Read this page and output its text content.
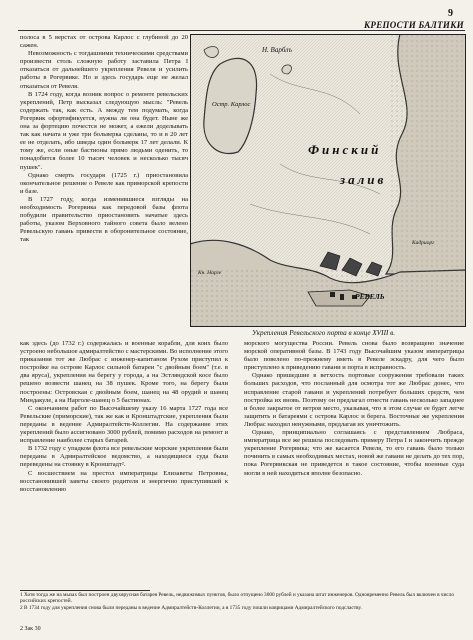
9
КРЕПОСТИ БАЛТИКИ

полоса в 5 верстах от острова Карлос с глубиной до 20 сажен.

Невозможность с тогдашними техническими средствами произвести столь сложную работу заставила Петра I отказаться от дальнейшего укрепления Ревеля и усилить работы в Рогервике. Но и здесь государь еще не желал отказаться от Ревеля.

В 1724 году, когда возник вопрос о ремонте ревельских укреплений, Петр высказал следующую мысль: "Ревель содержать так, как есть. А между тем подумать, когда Рогервик офортификуется, нужна ли она будет. Ныне же она за фортецию почестся не может, а ежели доделывать так как начата и уже три больверка сделаны, то и в 20 лет ее не отделать, ибо шведы один больверк 17 лет делали. К тому же, если оные бастионы прямо людьми оденить, то понадобится более 10 тысяч человек и несколько тысяч пушек".

Однако смерть государя (1725 г.) приостановила окончательное решение о Ревеле как приморской крепости и базе.

В 1727 году, когда изменившиеся взгляды на необходимость Рогервика как передовой базы флота побудили правительство приостановить начатые здесь работы, указом Верховного тайного совета было велено Ревельскую гавань привести в оборонительное состояние, так

Н. Варблъ
Остр. Карлос
Финский
залив
РЕВЕЛЬ
Кн. Нарге
Кадриорг
Укрепления Ревельского порта в конце XVIII в.

как здесь (до 1732 г.) содержалась и военные корабли, для коих было устроено небольшое адмиралтейство с мастерскими. Во исполнение этого приказания тот же Любрас с инженер-капитаном Рухом приступил к постройке на острове Карлос сильной батареи "с двойным боем" (т.е. в два яруса), укрепления на берегу у города, а на Эстляндской косе было решено возвести шанец на 38 пушек. Кроме того, на берегу были построены: Островская с двойным боем, шанец на 48 орудий и шанец Миндакуле, а на Нарголе-шанец о 5 бастионах.

С окончанием работ по Высочайшему указу 16 марта 1727 года все Ревельские (приморские), так же как и Кронштадтские, укрепления были переданы в ведение Адмиралтейств-Коллегии. На содержание этих укреплений было ассигновано 3000 рублей, помимо расходов на ремонт и исправление наиболее старых батарей.

В 1732 году с упадком флота все ревельские морские укрепления были переданы в Адмиралтейское ведомство, а находящиеся суда были переведены на стоянку в Кронштадт².

С восшествием на престол императрицы Елизаветы Петровны, восстановившей заветы своего родителя и энергично приступившей к восстановлению

морского могущества России. Ревель снова было возвращено значение морской оперативной базы. В 1743 году Высочайшим указом императрицы было повелено по-прежнему иметь в Ревеле эскадру, для чего было приступлено к приведению гавани и порта в исправность.

Однако пришедшие в ветхость портовые сооружения требовали таких больших расходов, что посланный для осмотра тот же Любрас донес, что исправление старой гавани и укреплений потребует больших средств, чем постройка их вновь. Поэтому он предлагал отнести гавань несколько западнее и более закрытое от ветров место, указывая, что в этом случае ее будет легче защитить и батареями с острова Карлос и берега. Восточные же укрепления Любрас находил ненужными, предлагая их уничтожить.

Однако, принципиально соглашаясь с представлением Любраса, императрица все же решила последовать примеру Петра I и закончить прежде укрепление Рогервика; что же касается Ревеля, то его гавань было только починить в самых необходимых местах, новой же гавани не делать до тех пор, пока Рогервикская не приведется в такое состояние, чтобы военные суда могли в ней находиться вполне безопасно.

1 Хотя тогда же на мызах был построен двухярусная батарея Ревель, недвижимых пунктов, было отпущено 3000 рублей и указана штат инженеров. Одновременно Ревель был включен в число российских крепостей.

2 В 1734 году для укрепления снова были переданы в ведение Адмиралтейств-Коллегии, а в 1735 году пошли коврицами Адмиралтейского подсластву.

2 Зак 30
